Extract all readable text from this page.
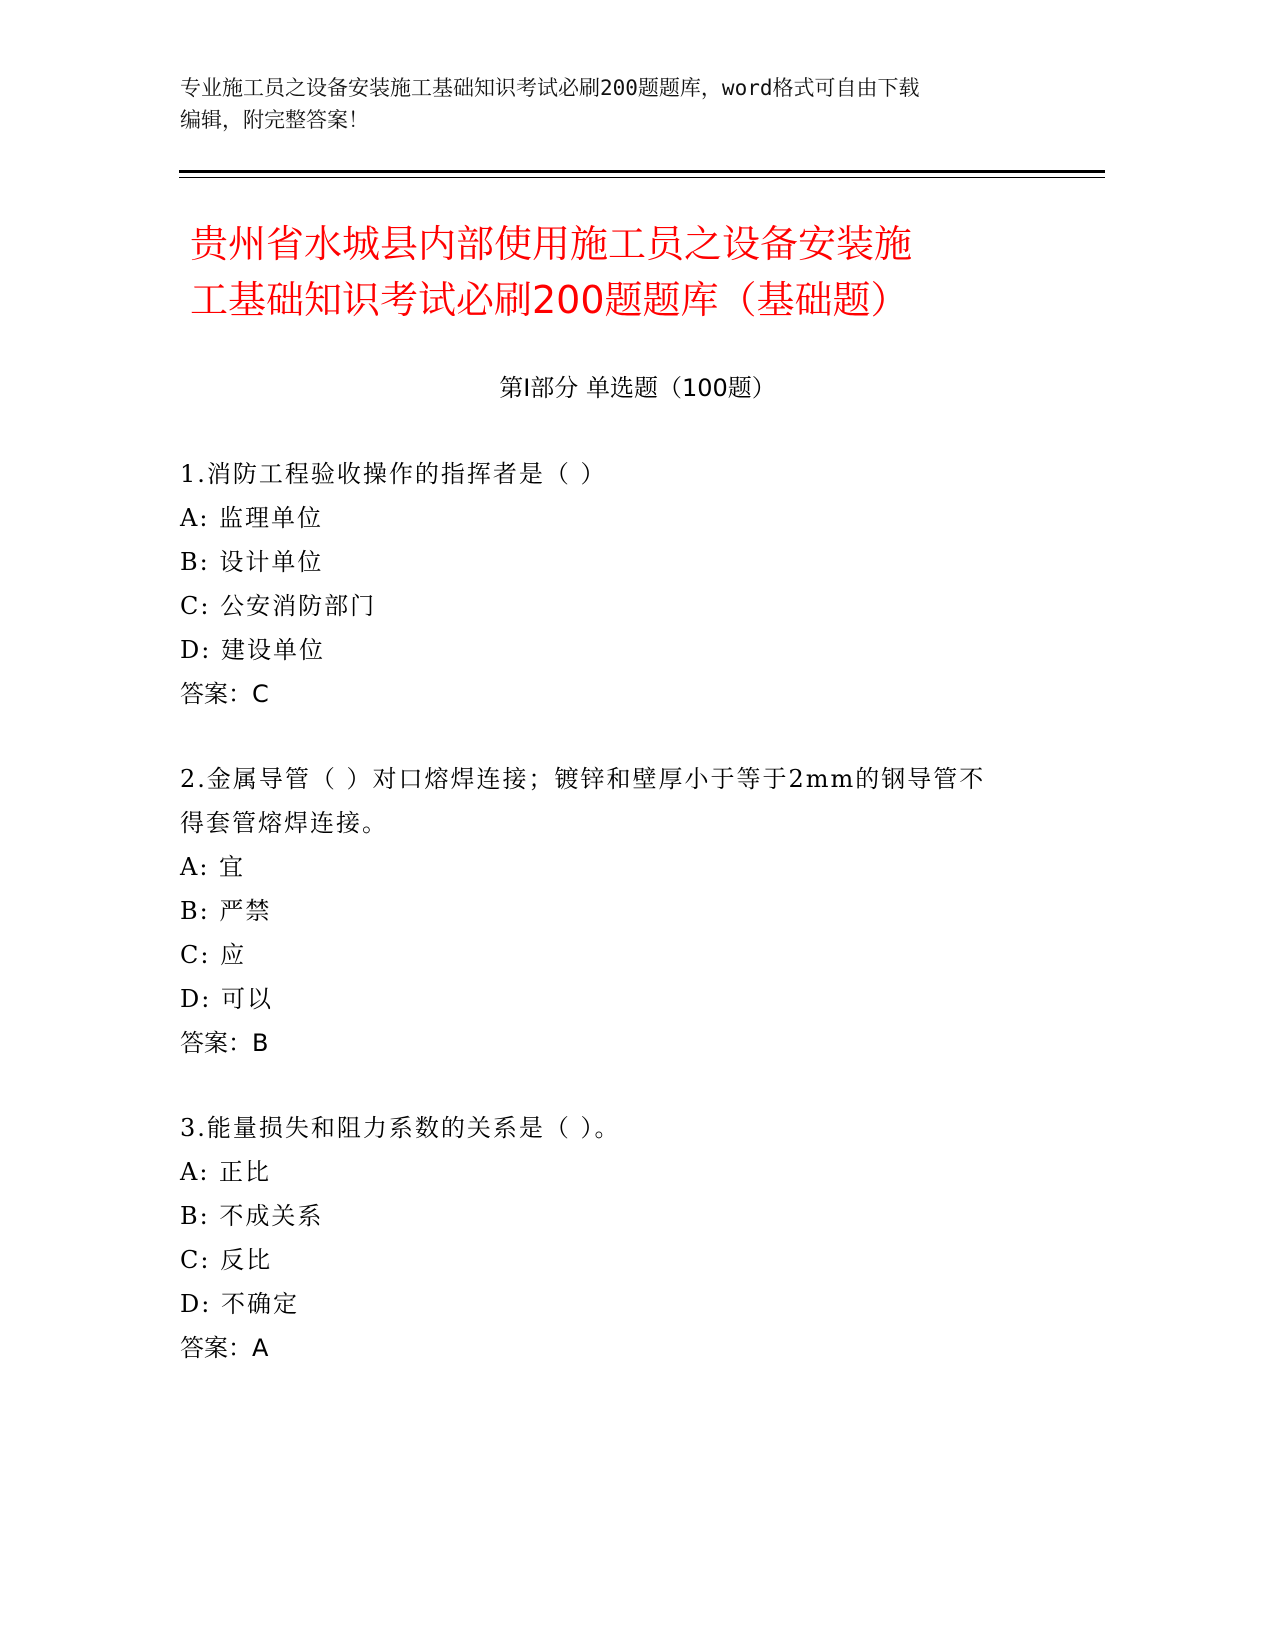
专业施工员之设备安装施工基础知识考试必刷200题题库，word格式可自由下载
编辑，附完整答案！
贵州省水城县内部使用施工员之设备安装施
工基础知识考试必刷200题题库（基础题）
第Ⅰ部分 单选题（100题）
1.消防工程验收操作的指挥者是（ ）
A: 监理单位
B: 设计单位
C: 公安消防部门
D: 建设单位
答案：C
2.金属导管（ ）对口熔焊连接；镀锌和壁厚小于等于2mm的钢导管不
得套管熔焊连接。
A: 宜
B: 严禁
C: 应
D: 可以
答案：B
3.能量损失和阻力系数的关系是（ ）。
A: 正比
B: 不成关系
C: 反比
D: 不确定
答案：A
